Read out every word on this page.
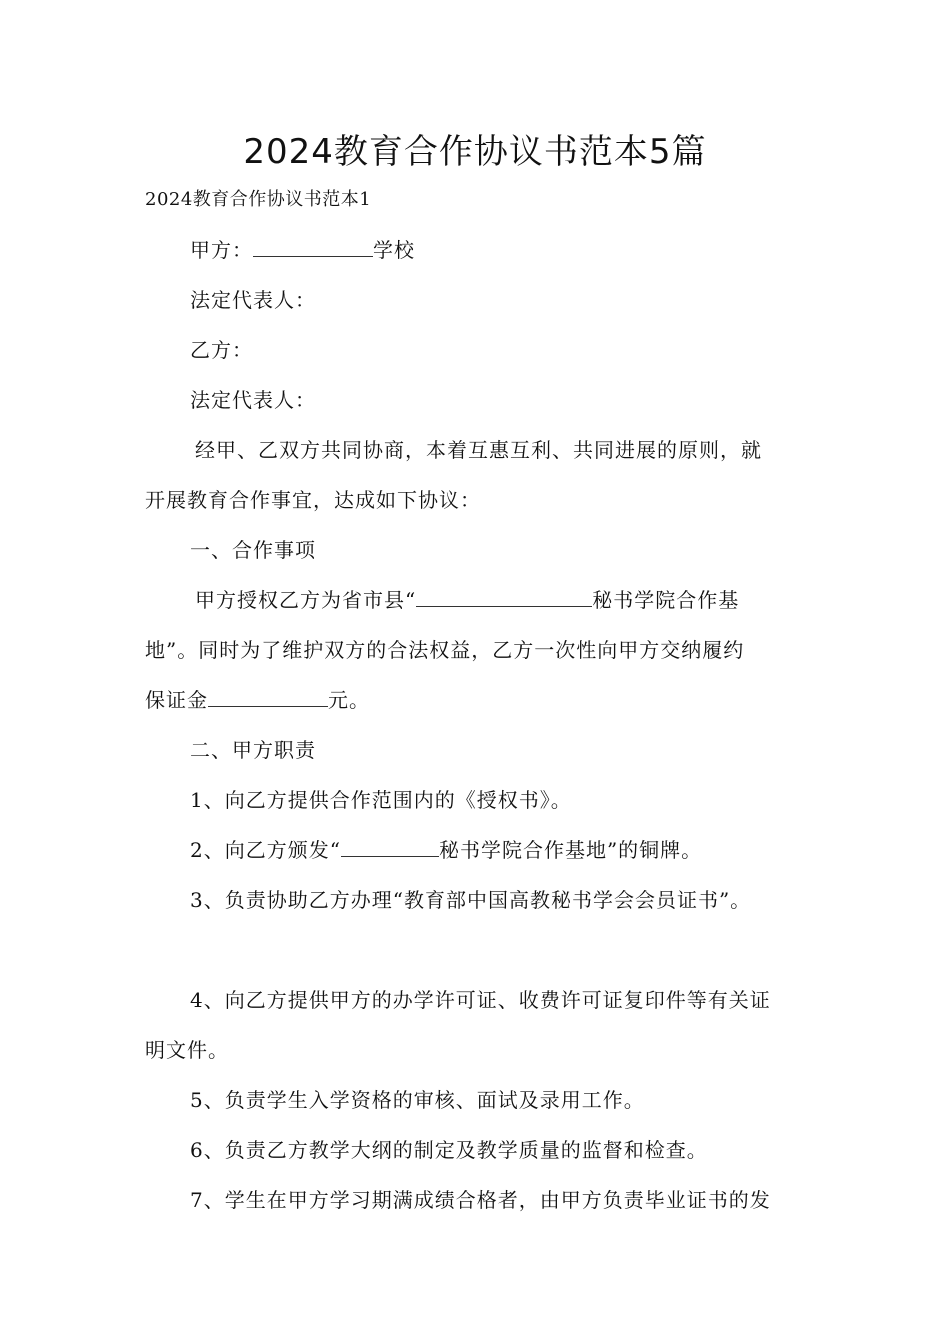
2024教育合作协议书范本5篇

2024教育合作协议书范本1

甲方：	学校

法定代表人：

乙方：

法定代表人：

经甲、乙双方共同协商，本着互惠互利、共同进展的原则，就

开展教育合作事宜，达成如下协议：

一、合作事项

甲方授权乙方为省市县“	秘书学院合作基

地”。同时为了维护双方的合法权益，乙方一次性向甲方交纳履约

保证金	元。

二、甲方职责

1、向乙方提供合作范围内的《授权书》。

2、向乙方颁发“	秘书学院合作基地”的铜牌。

3、负责协助乙方办理“教育部中国高教秘书学会会员证书”。

4、向乙方提供甲方的办学许可证、收费许可证复印件等有关证

明文件。

5、负责学生入学资格的审核、面试及录用工作。

6、负责乙方教学大纲的制定及教学质量的监督和检查。

7、学生在甲方学习期满成绩合格者，由甲方负责毕业证书的发
